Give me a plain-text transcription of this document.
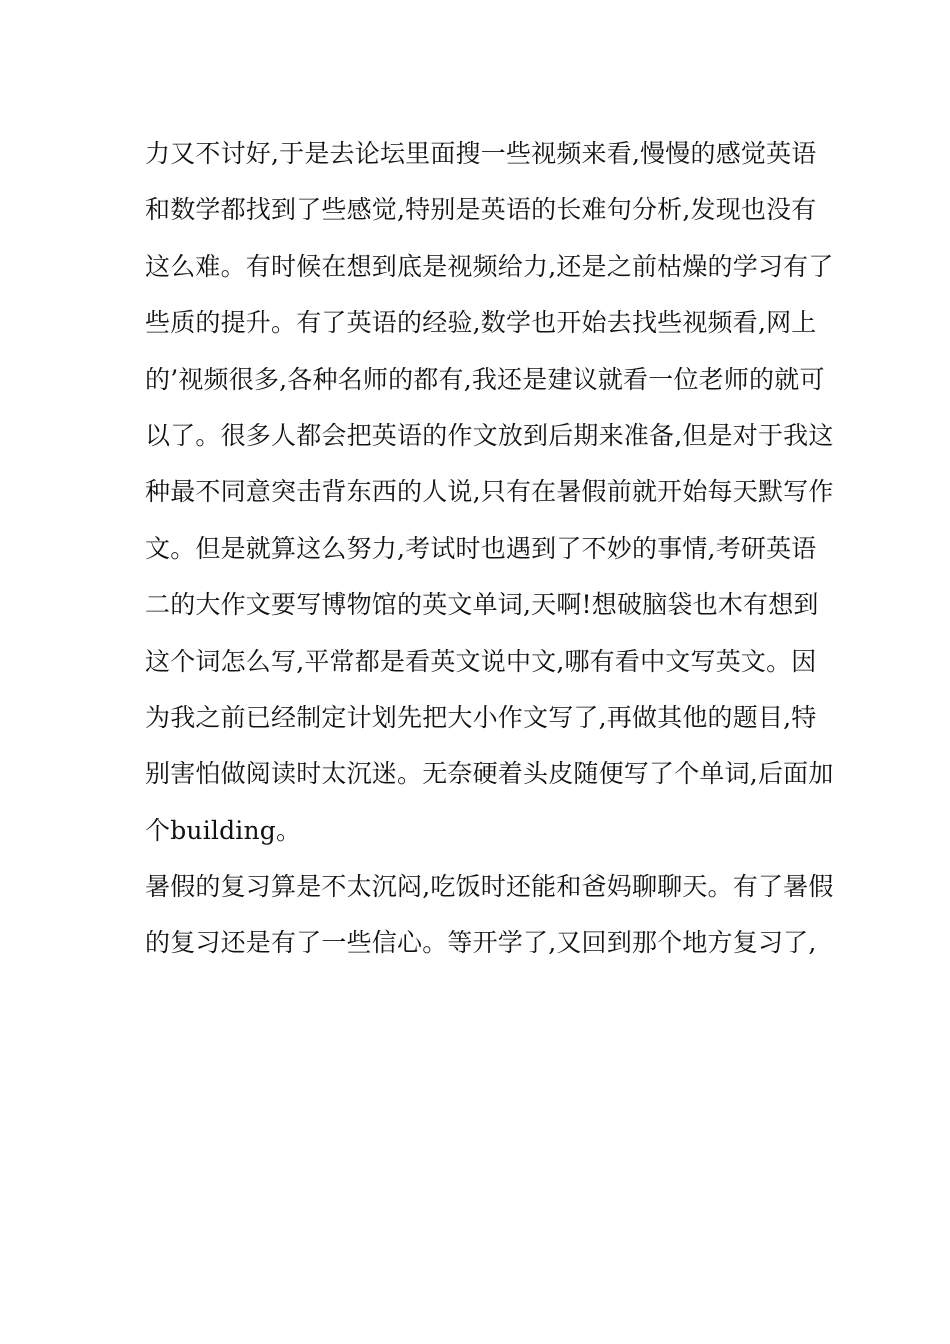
力又不讨好,于是去论坛里面搜一些视频来看,慢慢的感觉英语
和数学都找到了些感觉,特别是英语的长难句分析,发现也没有
这么难。有时候在想到底是视频给力,还是之前枯燥的学习有了
些质的提升。有了英语的经验,数学也开始去找些视频看,网上
的’视频很多,各种名师的都有,我还是建议就看一位老师的就可
以了。很多人都会把英语的作文放到后期来准备,但是对于我这
种最不同意突击背东西的人说,只有在暑假前就开始每天默写作
文。但是就算这么努力,考试时也遇到了不妙的事情,考研英语
二的大作文要写博物馆的英文单词,天啊!想破脑袋也木有想到
这个词怎么写,平常都是看英文说中文,哪有看中文写英文。因
为我之前已经制定计划先把大小作文写了,再做其他的题目,特
别害怕做阅读时太沉迷。无奈硬着头皮随便写了个单词,后面加
个building。
暑假的复习算是不太沉闷,吃饭时还能和爸妈聊聊天。有了暑假
的复习还是有了一些信心。等开学了,又回到那个地方复习了,
